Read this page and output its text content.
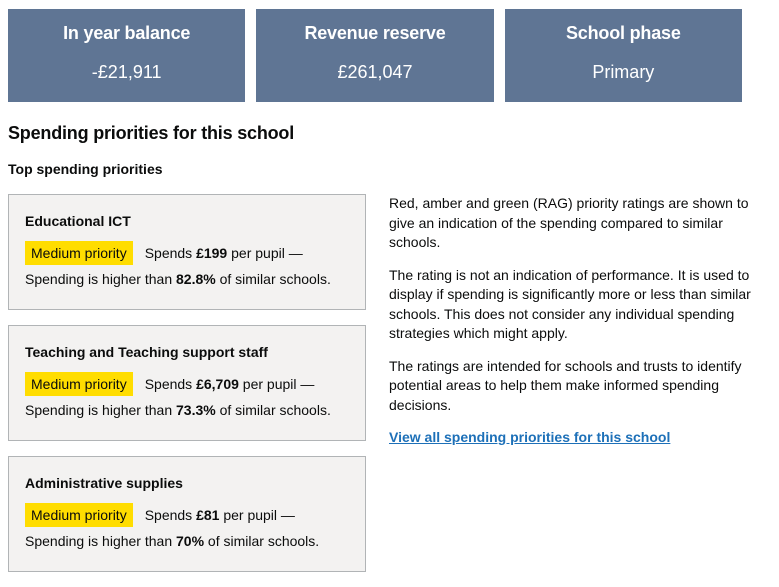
In year balance
-£21,911
Revenue reserve
£261,047
School phase
Primary
Spending priorities for this school
Top spending priorities
Educational ICT
Medium priority	Spends £199 per pupil —
Spending is higher than 82.8% of similar schools.
Teaching and Teaching support staff
Medium priority	Spends £6,709 per pupil —
Spending is higher than 73.3% of similar schools.
Administrative supplies
Medium priority	Spends £81 per pupil —
Spending is higher than 70% of similar schools.

Red, amber and green (RAG) priority ratings are shown to give an indication of the spending compared to similar schools.

The rating is not an indication of performance. It is used to display if spending is significantly more or less than similar schools. This does not consider any individual spending strategies which might apply.

The ratings are intended for schools and trusts to identify potential areas to help them make informed spending decisions.

View all spending priorities for this school
